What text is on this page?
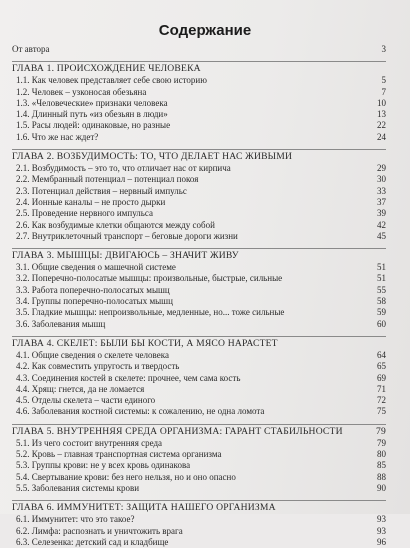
Содержание
От автора	3
ГЛАВА 1. ПРОИСХОЖДЕНИЕ ЧЕЛОВЕКА
1.1. Как человек представляет себе свою историю	5
1.2. Человек – узконосая обезьяна	7
1.3. «Человеческие» признаки человека	10
1.4. Длинный путь «из обезьян в люди»	13
1.5. Расы людей: одинаковые, но разные	22
1.6. Что же нас ждет?	24
ГЛАВА 2. ВОЗБУДИМОСТЬ: ТО, ЧТО ДЕЛАЕТ НАС ЖИВЫМИ
2.1. Возбудимость – это то, что отличает нас от кирпича	29
2.2. Мембранный потенциал – потенциал покоя	30
2.3. Потенциал действия – нервный импульс	33
2.4. Ионные каналы – не просто дырки	37
2.5. Проведение нервного импульса	39
2.6. Как возбудимые клетки общаются между собой	42
2.7. Внутриклеточный транспорт – беговые дороги жизни	45
ГЛАВА 3. МЫШЦЫ: ДВИГАЮСЬ – ЗНАЧИТ ЖИВУ
3.1. Общие сведения о машечной системе	51
3.2. Поперечно-полосатые мышцы: произвольные, быстрые, сильные	51
3.3. Работа поперечно-полосатых мышц	55
3.4. Группы поперечно-полосатых мышц	58
3.5. Гладкие мышцы: непроизвольные, медленные, но... тоже сильные	59
3.6. Заболевания мышц	60
ГЛАВА 4. СКЕЛЕТ: БЫЛИ БЫ КОСТИ, А МЯСО НАРАСТЕТ
4.1. Общие сведения о скелете человека	64
4.2. Как совместить упругость и твердость	65
4.3. Соединения костей в скелете: прочнее, чем сама кость	69
4.4. Хрящ: гнется, да не ломается	71
4.5. Отделы скелета – части единого	72
4.6. Заболевания костной системы: к сожалению, не одна ломота	75
ГЛАВА 5. ВНУТРЕННЯЯ СРЕДА ОРГАНИЗМА: ГАРАНТ СТАБИЛЬНОСТИ	79
5.1. Из чего состоит внутренняя среда	79
5.2. Кровь – главная транспортная система организма	80
5.3. Группы крови: не у всех кровь одинакова	85
5.4. Свертывание крови: без него нельзя, но и оно опасно	88
5.5. Заболевания системы крови	90
ГЛАВА 6. ИММУНИТЕТ: ЗАЩИТА НАШЕГО ОРГАНИЗМА
6.1. Иммунитет: что это такое?	93
6.2. Лимфа: распознать и уничтожить врага	93
6.3. Селезенка: детский сад и кладбище	96
